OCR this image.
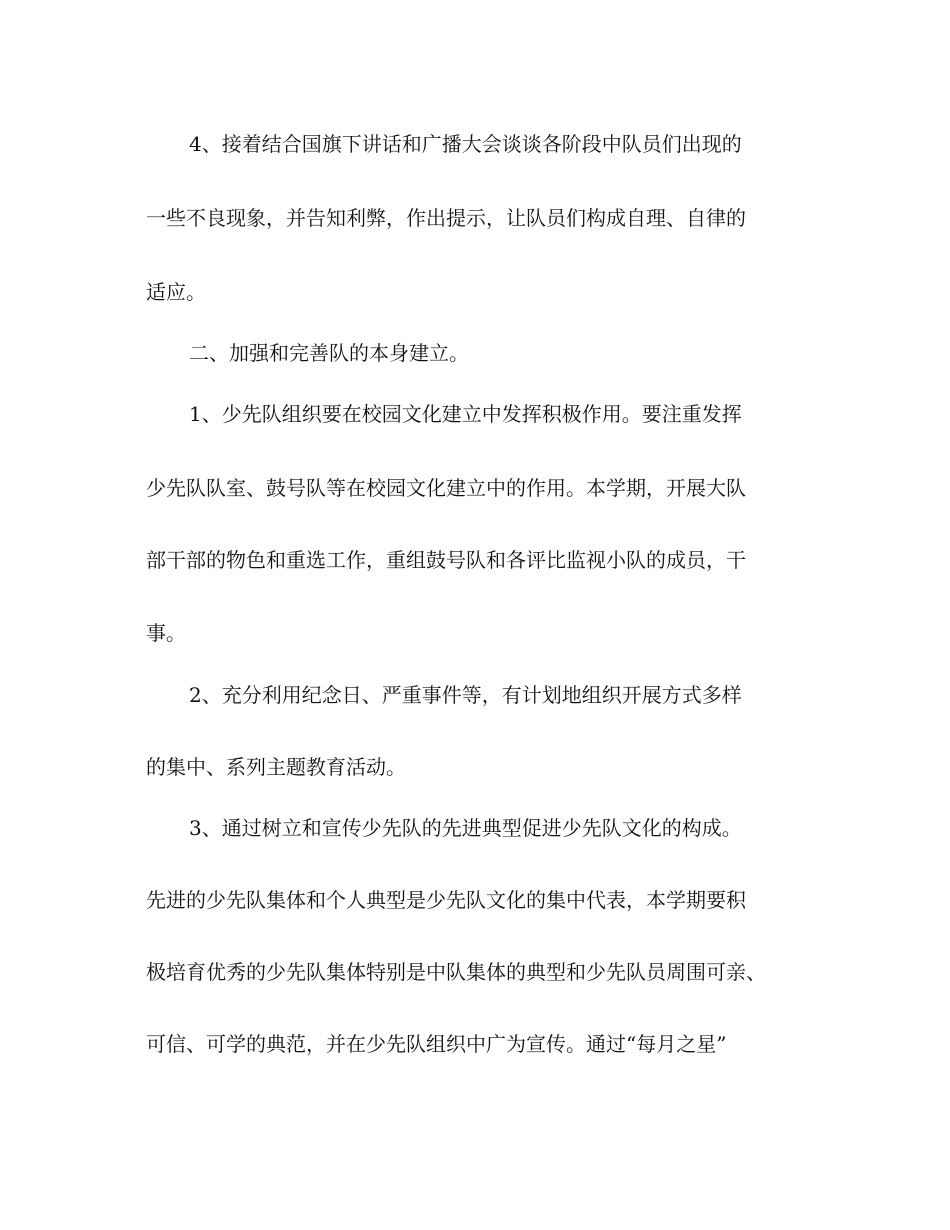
4、接着结合国旗下讲话和广播大会谈谈各阶段中队员们出现的

一些不良现象，并告知利弊，作出提示，让队员们构成自理、自律的

适应。

二、加强和完善队的本身建立。

1、少先队组织要在校园文化建立中发挥积极作用。要注重发挥

少先队队室、鼓号队等在校园文化建立中的作用。本学期，开展大队

部干部的物色和重选工作，重组鼓号队和各评比监视小队的成员，干

事。

2、充分利用纪念日、严重事件等，有计划地组织开展方式多样

的集中、系列主题教育活动。

3、通过树立和宣传少先队的先进典型促进少先队文化的构成。

先进的少先队集体和个人典型是少先队文化的集中代表，本学期要积

极培育优秀的少先队集体特别是中队集体的典型和少先队员周围可亲、

可信、可学的典范，并在少先队组织中广为宣传。通过“每月之星”
